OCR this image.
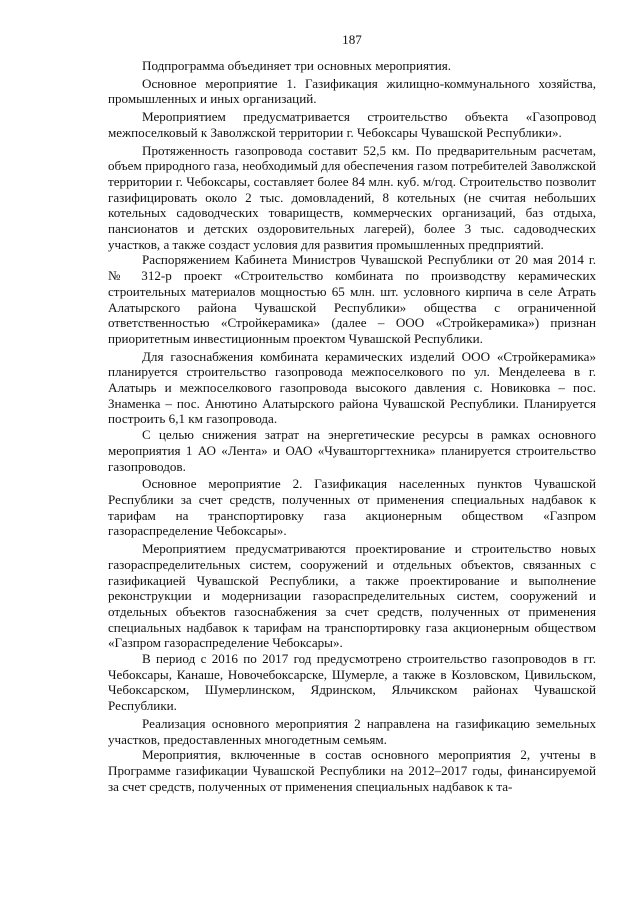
187

Подпрограмма объединяет три основных мероприятия.

Основное мероприятие 1. Газификация жилищно-коммунального хозяйства, промышленных и иных организаций.

Мероприятием предусматривается строительство объекта «Газопровод межпоселковый к Заволжской территории г. Чебоксары Чувашской Республики».

Протяженность газопровода составит 52,5 км. По предварительным расчетам, объем природного газа, необходимый для обеспечения газом потребителей Заволжской территории г. Чебоксары, составляет более 84 млн. куб. м/год. Строительство позволит газифицировать около 2 тыс. домовладений, 8 котельных (не считая небольших котельных садоводческих товариществ, коммерческих организаций, баз отдыха, пансионатов и детских оздоровительных лагерей), более 3 тыс. садоводческих участков, а также создаст условия для развития промышленных предприятий.

Распоряжением Кабинета Министров Чувашской Республики от 20 мая 2014 г. № 312-р проект «Строительство комбината по производству керамических строительных материалов мощностью 65 млн. шт. условного кирпича в селе Атрать Алатырского района Чувашской Республики» общества с ограниченной ответственностью «Стройкерамика» (далее – ООО «Стройкерамика») признан приоритетным инвестиционным проектом Чувашской Республики.

Для газоснабжения комбината керамических изделий ООО «Стройкерамика» планируется строительство газопровода межпоселкового по ул. Менделеева в г. Алатырь и межпоселкового газопровода высокого давления с. Новиковка – пос. Знаменка – пос. Анютино Алатырского района Чувашской Республики. Планируется построить 6,1 км газопровода.

С целью снижения затрат на энергетические ресурсы в рамках основного мероприятия 1 АО «Лента» и ОАО «Чувашторгтехника» планируется строительство газопроводов.

Основное мероприятие 2. Газификация населенных пунктов Чувашской Республики за счет средств, полученных от применения специальных надбавок к тарифам на транспортировку газа акционерным обществом «Газпром газораспределение Чебоксары».

Мероприятием предусматриваются проектирование и строительство новых газораспределительных систем, сооружений и отдельных объектов, связанных с газификацией Чувашской Республики, а также проектирование и выполнение реконструкции и модернизации газораспределительных систем, сооружений и отдельных объектов газоснабжения за счет средств, полученных от применения специальных надбавок к тарифам на транспортировку газа акционерным обществом «Газпром газораспределение Чебоксары».

В период с 2016 по 2017 год предусмотрено строительство газопроводов в гг. Чебоксары, Канаше, Новочебоксарске, Шумерле, а также в Козловском, Цивильском, Чебоксарском, Шумерлинском, Ядринском, Яльчикском районах Чувашской Республики.

Реализация основного мероприятия 2 направлена на газификацию земельных участков, предоставленных многодетным семьям.

Мероприятия, включенные в состав основного мероприятия 2, учтены в Программе газификации Чувашской Республики на 2012–2017 годы, финансируемой за счет средств, полученных от применения специальных надбавок к та-
